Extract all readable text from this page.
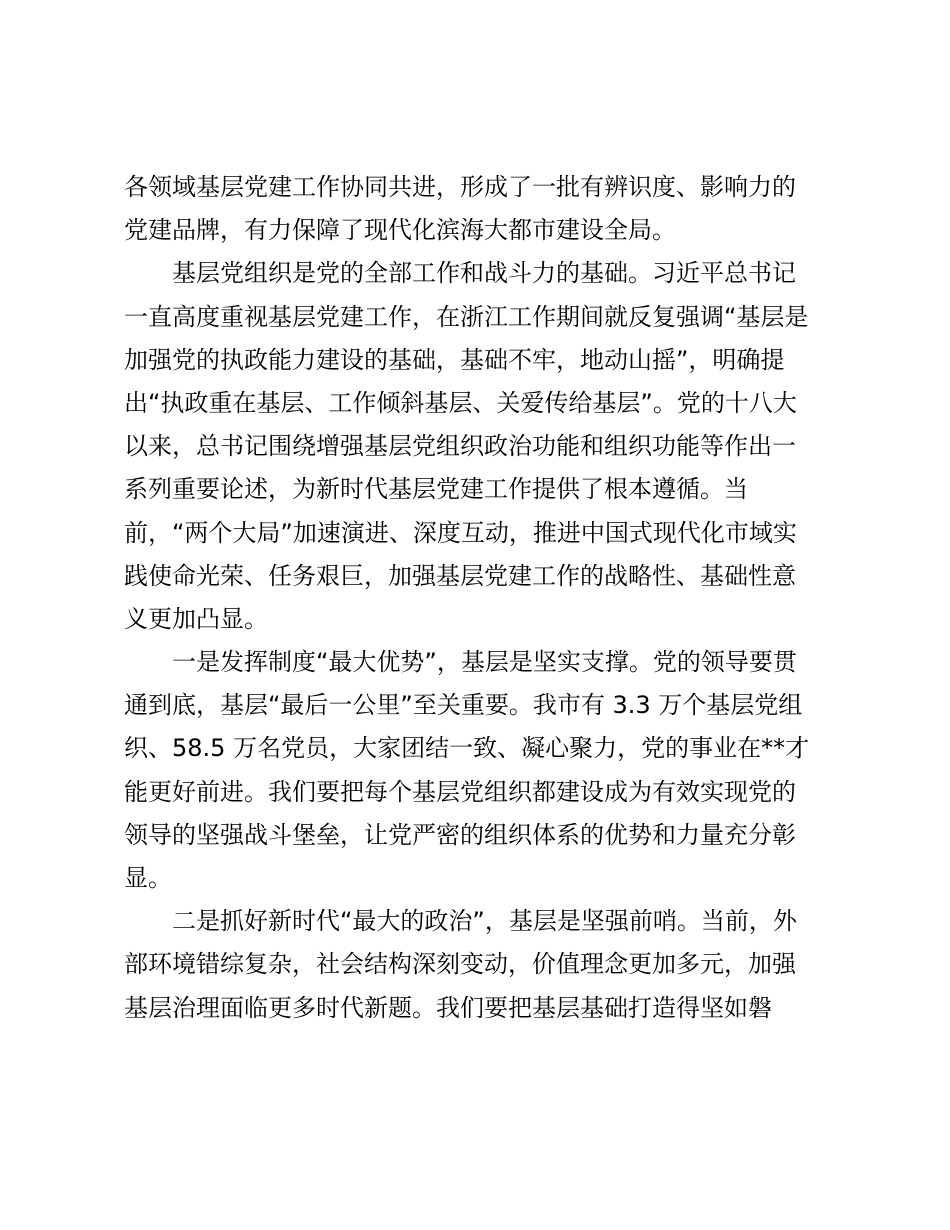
各领域基层党建工作协同共进，形成了一批有辨识度、影响力的
党建品牌，有力保障了现代化滨海大都市建设全局。
基层党组织是党的全部工作和战斗力的基础。习近平总书记
一直高度重视基层党建工作，在浙江工作期间就反复强调“基层是
加强党的执政能力建设的基础，基础不牢，地动山摇”，明确提
出“执政重在基层、工作倾斜基层、关爱传给基层”。党的十八大
以来，总书记围绕增强基层党组织政治功能和组织功能等作出一
系列重要论述，为新时代基层党建工作提供了根本遵循。当
前，“两个大局”加速演进、深度互动，推进中国式现代化市域实
践使命光荣、任务艰巨，加强基层党建工作的战略性、基础性意
义更加凸显。
一是发挥制度“最大优势”，基层是坚实支撑。党的领导要贯
通到底，基层“最后一公里”至关重要。我市有 3.3 万个基层党组
织、58.5 万名党员，大家团结一致、凝心聚力，党的事业在**才
能更好前进。我们要把每个基层党组织都建设成为有效实现党的
领导的坚强战斗堡垒，让党严密的组织体系的优势和力量充分彰
显。
二是抓好新时代“最大的政治”，基层是坚强前哨。当前，外
部环境错综复杂，社会结构深刻变动，价值理念更加多元，加强
基层治理面临更多时代新题。我们要把基层基础打造得坚如磐
